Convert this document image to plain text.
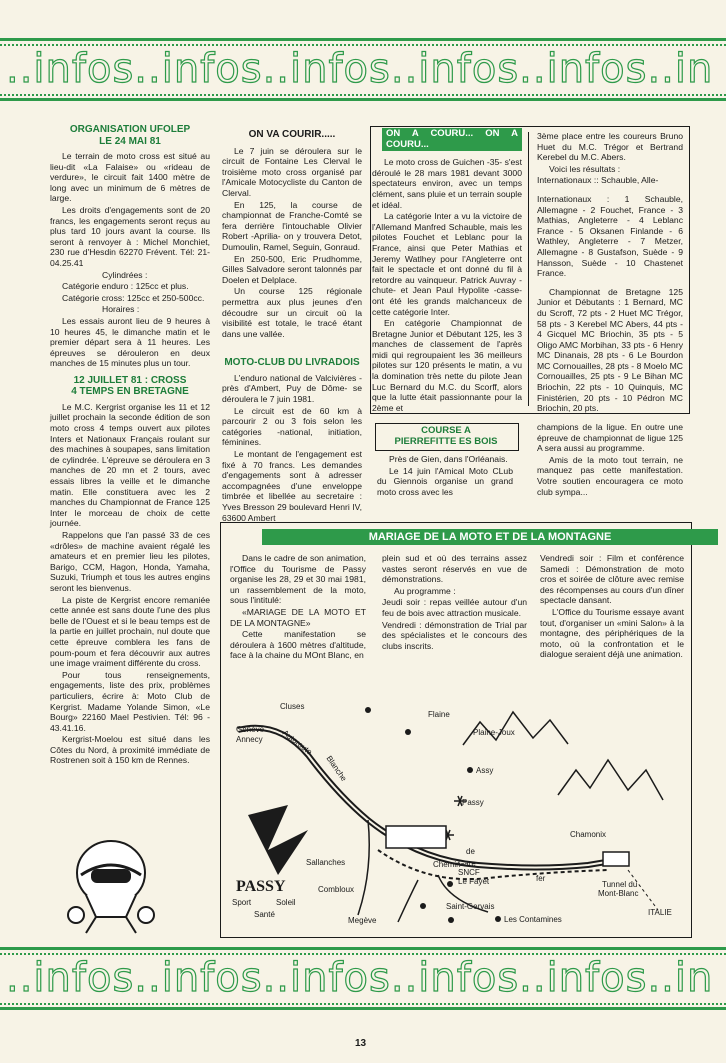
..infos..infos..infos..infos..infos..in
ORGANISATION UFOLEP
LE 24 MAI 81

Le terrain de moto cross est situé au lieu-dit «La Falaise» ou «rideau de verdure», le circuit fait 1400 mètre de long avec un minimum de 6 mètres de large.

Les droits d'engagements sont de 20 francs, les engagements seront reçus au plus tard 10 jours avant la course. Ils seront à renvoyer à : Michel Monchiet, 230 rue d'Hesdin 62270 Frévent. Tél: 21- 04.25.41

Cylindrées :

Catégorie enduro : 125cc et plus.

Catégorie cross: 125cc et 250-500cc.

Horaires :

Les essais auront lieu de 9 heures à 10 heures 45, le dimanche matin et le premier départ sera à 11 heures. Les épreuves se dérouleron en deux manches de 15 minutes plus un tour.

12 JUILLET 81 : CROSS
4 TEMPS EN BRETAGNE

Le M.C. Kergrist organise les 11 et 12 juillet prochain la seconde édition de son moto cross 4 temps ouvert aux pilotes Inters et Nationaux Français roulant sur des machines à soupapes, sans limitation de cylindrée. L'épreuve se déroulera en 3 manches de 20 mn et 2 tours, avec essais libres la veille et le dimanche matin. Elle constituera avec les 2 manches du Championnat de France 125 Inter le morceau de choix de cette journée.

Rappelons que l'an passé 33 de ces «drôles» de machine avaient régalé les amateurs et en premier lieu les pilotes, Barigo, CCM, Hagon, Honda, Yamaha, Suzuki, Triumph et tous les autres engins seront les bienvenus.

La piste de Kergrist encore remaniée cette année est sans doute l'une des plus belle de l'Ouest et si le beau temps est de la partie en juillet prochain, nul doute que cette épreuve comblera les fans de poum-poum et fera découvrir aux autres une image vraiment différente du cross.

Pour tous renseignements, engagements, liste des prix, problèmes particuliers, écrire à: Moto Club de Kergrist. Madame Yolande Simon, «Le Bourg» 22160 Mael Pestivien. Tél: 96 - 43.41.16.

Kergrist-Moelou est situé dans les Côtes du Nord, à proximité immédiate de Rostrenen soit à 150 km de Rennes.

ON VA COURIR.....

Le 7 juin se déroulera sur le circuit de Fontaine Les Clerval le troisième moto cross organisé par l'Amicale Motocycliste du Canton de Clerval.

En 125, la course de championnat de Franche-Comté se fera derrière l'intouchable Olivier Robert -Aprilia- on y trouvera Detot, Dumoulin, Ramel, Seguin, Gonraud.

En 250-500, Eric Prudhomme, Gilles Salvadore seront talonnés par Doelen et Delplace.

Un course 125 régionale permettra aux plus jeunes d'en découdre sur un circuit où la visibilité est totale, le tracé étant dans une vallée.

MOTO-CLUB DU LIVRADOIS

L'enduro national de Valcivières -près d'Ambert, Puy de Dôme- se déroulera le 7 juin 1981.

Le circuit est de 60 km à parcourir 2 ou 3 fois selon les catégories -national, initiation, féminines.

Le montant de l'engagement est fixé à 70 francs. Les demandes d'engagements sont à adresser accompagnées d'une enveloppe timbrée et libellée au secretaire : Yves Bresson 29 boulevard Henri IV, 63600 Ambert

ON A COURU... ON A COURU...

Le moto cross de Guichen -35- s'est déroulé le 28 mars 1981 devant 3000 spectateurs environ, avec un temps clément, sans pluie et un terrain souple et idéal.

La catégorie Inter a vu la victoire de l'Allemand Manfred Schauble, mais les pilotes Fouchet et Leblanc pour la France, ainsi que Peter Mathias et Jeremy Watlhey pour l'Angleterre ont fait le spectacle et ont donné du fil à retordre au vainqueur. Patrick Auvray -chute- et Jean Paul Hypolite -casse- ont été les grands malchanceux de cette catégorie Inter.

En catégorie Championnat de Bretagne Junior et Débutant 125, les 3 manches de classement de l'après midi qui regroupaient les 36 meilleurs pilotes sur 120 présents le matin, a vu la domination très nette du pilote Jean Luc Bernard du M.C. du Scorff, alors que la lutte était passionnante pour la 2ème et

3ème place entre les coureurs Bruno Huet du M.C. Trégor et Bertrand Kerebel du M.C. Abers.

Voici les résultats :

Internationaux :: Schauble, Alle-

Internationaux : 1 Schauble, Allemagne - 2 Fouchet, France - 3 Mathias, Angleterre - 4 Leblanc France - 5 Oksanen Finlande - 6 Wathley, Angleterre - 7 Metzer, Allemagne - 8 Gustafson, Suède - 9 Hansson, Suède - 10 Chastenet France.

Championnat de Bretagne 125 Junior et Débutants : 1 Bernard, MC du Scroff, 72 pts - 2 Huet MC Trégor, 58 pts - 3 Kerebel MC Abers, 44 pts - 4 Gicquel MC Briochin, 35 pts - 5 Oligo AMC Morbihan, 33 pts - 6 Henry MC Dinanais, 28 pts - 6 Le Bourdon MC Cornouailles, 28 pts - 8 Moelo MC Cornouailles, 25 pts - 9 Le Bihan MC Briochin, 22 pts - 10 Quinquis, MC Finistérien, 20 pts - 10 Pédron MC Briochin, 20 pts.

COURSE A
PIERREFITTE ES BOIS

Près de Gien, dans l'Orléanais.

Le 14 juin l'Amical Moto CLub du Giennois organise un grand moto cross avec les

champions de la ligue. En outre une épreuve de championnat de ligue 125 A sera aussi au programme.

Amis de la moto tout terrain, ne manquez pas cette manifestation. Votre soutien encouragera ce moto club sympa...

MARIAGE DE LA MOTO ET DE LA MONTAGNE

Dans le cadre de son animation, l'Office du Tourisme de Passy organise les 28, 29 et 30 mai 1981, un rassemblement de la moto, sous l'intitulé:

«MARIAGE DE LA MOTO ET DE LA MONTAGNE»

Cette manifestation se déroulera à 1600 mètres d'altitude, face à la chaine du MOnt Blanc, en

plein sud et où des terrains assez vastes seront réservés en vue de démonstrations.

Au programme :

Jeudi soir : repas veillée autour d'un feu de bois avec attraction musicale.

Vendredi : démonstration de Trial par des spécialistes et le concours des clubs inscrits.

Vendredi soir : Film et conférence Samedi : Démonstration de moto cros et soirée de clôture avec remise des récompenses au cours d'un dîner spectacle dansant.

L'Office du Tourisme essaye avant tout, d'organiser un «mini Salon» à la montagne, des périphériques de la moto, où la confrontation et le dialogue seraient déjà une animation.

Cluses
Genève
Annecy Autoroute
Blanche
Flaine
Plaine-Joux
Assy
Passy
Chamonix
Sallanches
de
Chemin
fer
Gare
SNCF
Le Fayet	Tunnel du
Mont-Blanc
Combloux
Saint-Gervais
Megève	Les Contamines
ITALIE
PASSY
Sport	Soleil
Santé
..infos..infos..infos..infos..infos..in
13
